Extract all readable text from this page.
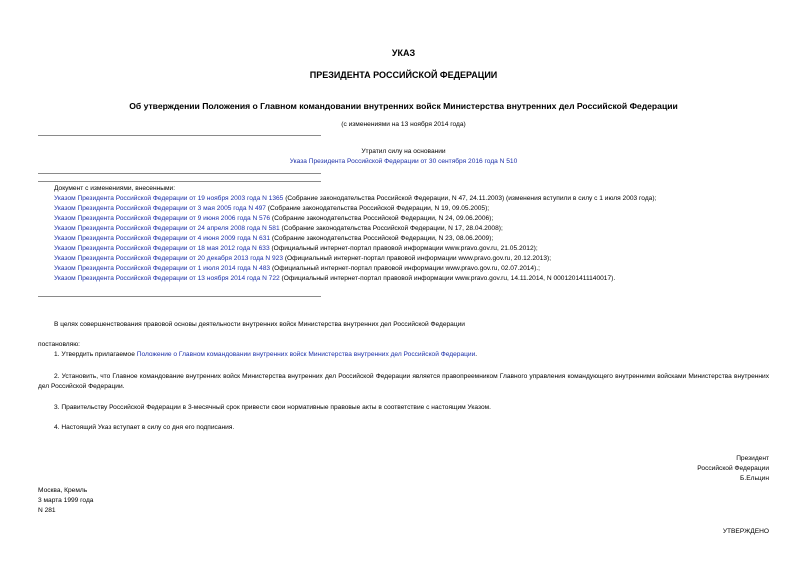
УКАЗ
ПРЕЗИДЕНТА РОССИЙСКОЙ ФЕДЕРАЦИИ
Об утверждении Положения о Главном командовании внутренних войск Министерства внутренних дел Российской Федерации
(с изменениями на 13 ноября 2014 года)
Утратил силу на основании
Указа Президента Российской Федерации от 30 сентября 2016 года N 510
Документ с изменениями, внесенными:
Указом Президента Российской Федерации от 19 ноября 2003 года N 1365 (Собрание законодательства Российской Федерации, N 47, 24.11.2003) (изменения вступили в силу с 1 июля 2003 года);
Указом Президента Российской Федерации от 3 мая 2005 года N 497 (Собрание законодательства Российской Федерации, N 19, 09.05.2005);
Указом Президента Российской Федерации от 9 июня 2006 года N 576 (Собрание законодательства Российской Федерации, N 24, 09.06.2006);
Указом Президента Российской Федерации от 24 апреля 2008 года N 581 (Собрание законодательства Российской Федерации, N 17, 28.04.2008);
Указом Президента Российской Федерации от 4 июня 2009 года N 631 (Собрание законодательства Российской Федерации, N 23, 08.06.2009);
Указом Президента Российской Федерации от 18 мая 2012 года N 633 (Официальный интернет-портал правовой информации www.pravo.gov.ru, 21.05.2012);
Указом Президента Российской Федерации от 20 декабря 2013 года N 923 (Официальный интернет-портал правовой информации www.pravo.gov.ru, 20.12.2013);
Указом Президента Российской Федерации от 1 июля 2014 года N 483 (Официальный интернет-портал правовой информации www.pravo.gov.ru, 02.07.2014).;
Указом Президента Российской Федерации от 13 ноября 2014 года N 722 (Официальный интернет-портал правовой информации www.pravo.gov.ru, 14.11.2014, N 0001201411140017).
В целях совершенствования правовой основы деятельности внутренних войск Министерства внутренних дел Российской Федерации
постановляю:
1. Утвердить прилагаемое Положение о Главном командовании внутренних войск Министерства внутренних дел Российской Федерации.
2. Установить, что Главное командование внутренних войск Министерства внутренних дел Российской Федерации является правопреемником Главного управления командующего внутренними войсками Министерства внутренних дел Российской Федерации.
3. Правительству Российской Федерации в 3-месячный срок привести свои нормативные правовые акты в соответствие с настоящим Указом.
4. Настоящий Указ вступает в силу со дня его подписания.
Президент
Российской Федерации
Б.Ельцин
Москва, Кремль
3 марта 1999 года
N 281
УТВЕРЖДЕНО
